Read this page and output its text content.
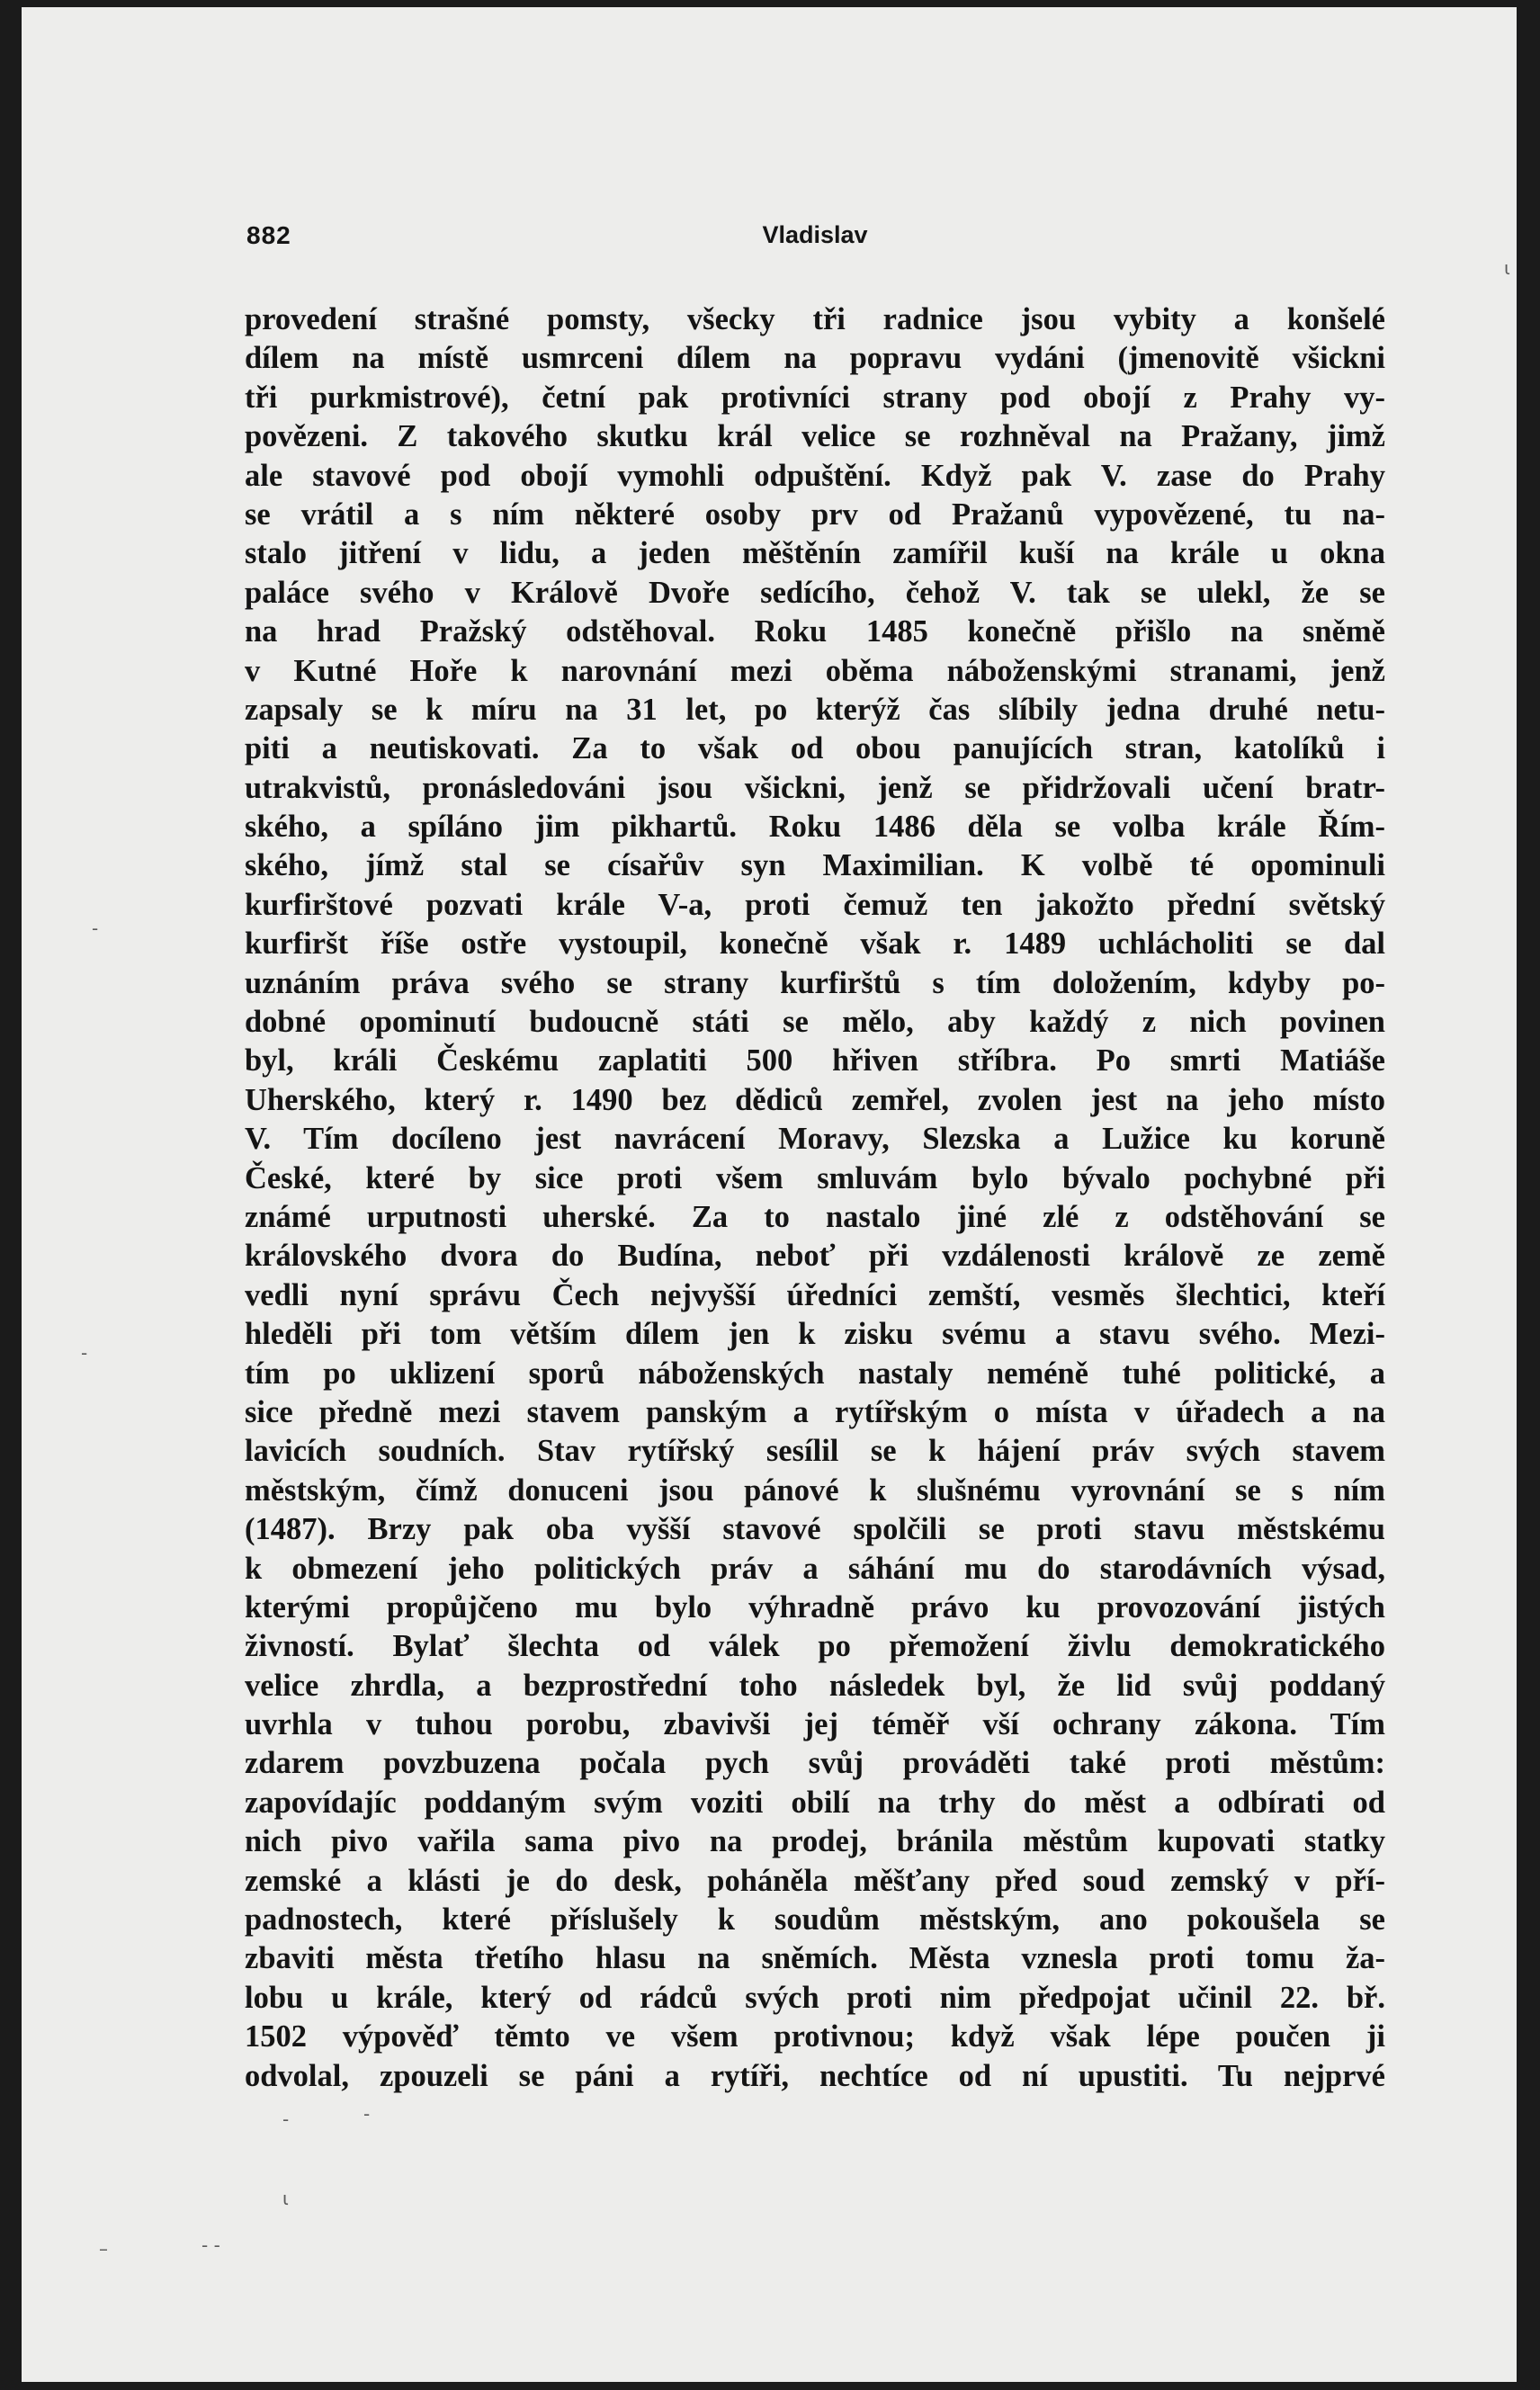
882	Vladislav
provedení strašné pomsty, všecky tři radnice jsou vybity a konšelé
dílem na místě usmrceni dílem na popravu vydáni (jmenovitě všickni
tři purkmistrové), četní pak protivníci strany pod obojí z Prahy vy-
povězeni. Z takového skutku král velice se rozhněval na Pražany, jimž
ale stavové pod obojí vymohli odpuštění. Když pak V. zase do Prahy
se vrátil a s ním některé osoby prv od Pražanů vypovězené, tu na-
stalo jitření v lidu, a jeden měštěnín zamířil kuší na krále u okna
paláce svého v Královĕ Dvoře sedícího, čehož V. tak se ulekl, že se
na hrad Pražský odstěhoval. Roku 1485 konečně přišlo na sněmě
v Kutné Hoře k narovnání mezi oběma náboženskými stranami, jenž
zapsaly se k míru na 31 let, po kterýž čas slíbily jedna druhé netu-
piti a neutiskovati. Za to však od obou panujících stran, katolíků i
utrakvistů, pronásledováni jsou všickni, jenž se přidržovali učení bratr-
ského, a spíláno jim pikhartů. Roku 1486 děla se volba krále Řím-
ského, jímž stal se císařův syn Maximilian. K volbě té opominuli
kurfirštové pozvati krále V-a, proti čemuž ten jakožto přední světský
kurfiršt říše ostře vystoupil, konečně však r. 1489 uchlácholiti se dal
uznáním práva svého se strany kurfirštů s tím doložením, kdyby po-
dobné opominutí budoucně státi se mělo, aby každý z nich povinen
byl, králi Českému zaplatiti 500 hřiven stříbra. Po smrti Matiáše
Uherského, který r. 1490 bez dědiců zemřel, zvolen jest na jeho místo
V. Tím docíleno jest navrácení Moravy, Slezska a Lužice ku koruně
České, které by sice proti všem smluvám bylo bývalo pochybné při
známé urputnosti uherské. Za to nastalo jiné zlé z odstěhování se
královského dvora do Budína, neboť při vzdálenosti královĕ ze země
vedli nyní správu Čech nejvyšší úředníci zemští, vesměs šlechtici, kteří
hleděli při tom větším dílem jen k zisku svému a stavu svého. Mezi-
tím po uklizení sporů náboženských nastaly neméně tuhé politické, a
sice předně mezi stavem panským a rytířským o místa v úřadech a na
lavicích soudních. Stav rytířský sesílil se k hájení práv svých stavem
městským, čímž donuceni jsou pánové k slušnému vyrovnání se s ním
(1487). Brzy pak oba vyšší stavové spolčili se proti stavu městskému
k obmezení jeho politických práv a sáhání mu do starodávních výsad,
kterými propůjčeno mu bylo výhradně právo ku provozování jistých
živností. Bylať šlechta od válek po přemožení živlu demokratického
velice zhrdla, a bezprostřední toho následek byl, že lid svůj poddaný
uvrhla v tuhou porobu, zbavivši jej téměř vší ochrany zákona. Tím
zdarem povzbuzena počala pych svůj prováděti také proti městům:
zapovídajíc poddaným svým voziti obilí na trhy do měst a odbírati od
nich pivo vařila sama pivo na prodej, bránila městům kupovati statky
zemské a klásti je do desk, poháněla měšťany před soud zemský v pří-
padnostech, které příslušely k soudům městským, ano pokoušela se
zbaviti města třetího hlasu na sněmích. Města vznesla proti tomu ža-
lobu u krále, který od rádců svých proti nim předpojat učinil 22. bř.
1502 výpověď těmto ve všem protivnou; když však lépe poučen ji
odvolal, zpouzeli se páni a rytíři, nechtíce od ní upustiti. Tu nejprvé
ɩ
-
-
-	-
ι
–	- -
